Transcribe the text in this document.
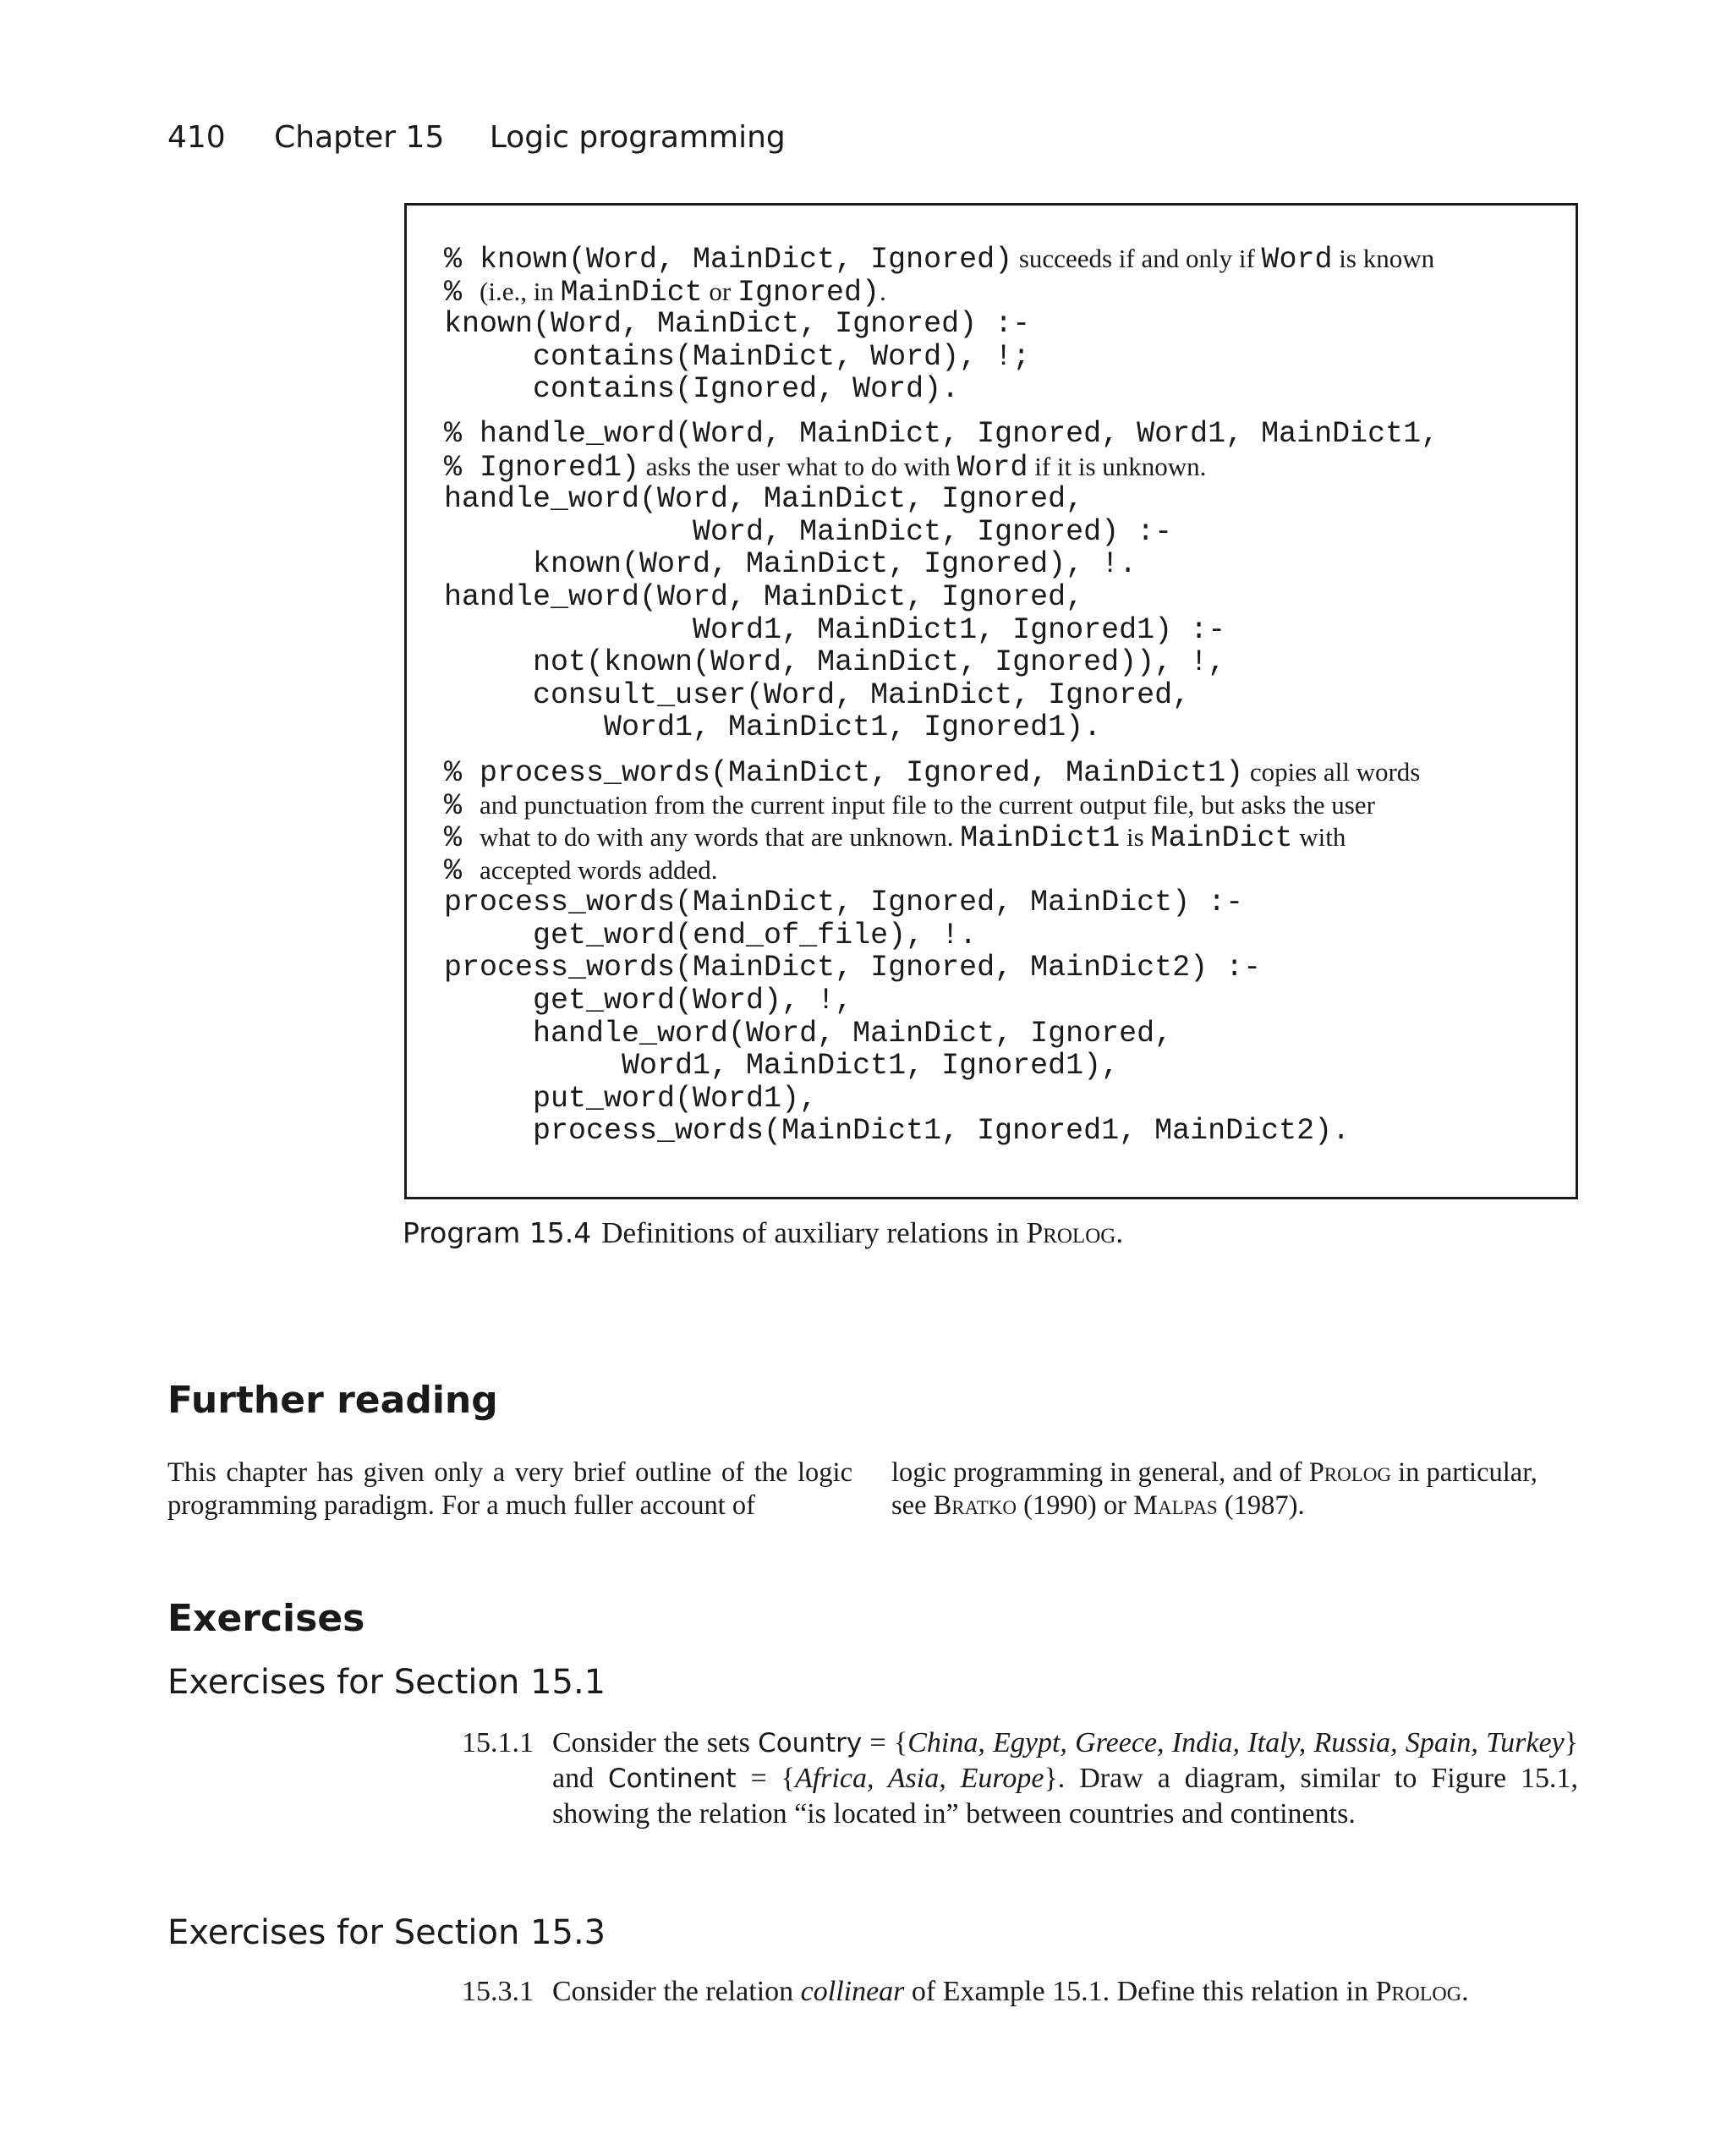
410 Chapter 15 Logic programming
% known(Word, MainDict, Ignored) succeeds if and only if Word is known
% (i.e., in MainDict or Ignored).
known(Word, MainDict, Ignored) :-
contains(MainDict, Word), !;
contains(Ignored, Word).
% handle_word(Word, MainDict, Ignored, Word1, MainDict1,
% Ignored1) asks the user what to do with Word if it is unknown.
handle_word(Word, MainDict, Ignored,
Word, MainDict, Ignored) :-
known(Word, MainDict, Ignored), !.
handle_word(Word, MainDict, Ignored,
Word1, MainDict1, Ignored1) :-
not(known(Word, MainDict, Ignored)), !,
consult_user(Word, MainDict, Ignored,
Word1, MainDict1, Ignored1).
% process_words(MainDict, Ignored, MainDict1) copies all words
% and punctuation from the current input file to the current output file, but asks the user
% what to do with any words that are unknown. MainDict1 is MainDict with
% accepted words added.
process_words(MainDict, Ignored, MainDict) :-
get_word(end_of_file), !.
process_words(MainDict, Ignored, MainDict2) :-
get_word(Word), !,
handle_word(Word, MainDict, Ignored,
Word1, MainDict1, Ignored1),
put_word(Word1),
process_words(MainDict1, Ignored1, MainDict2).
Program 15.4 Definitions of auxiliary relations in Prolog.
Further reading
This chapter has given only a very brief outline of the logic programming paradigm. For a much fuller account of
logic programming in general, and of Prolog in particular, see Bratko (1990) or Malpas (1987).
Exercises
Exercises for Section 15.1
15.1.1 Consider the sets Country = {China, Egypt, Greece, India, Italy, Russia, Spain, Turkey} and Continent = {Africa, Asia, Europe}. Draw a diagram, similar to Figure 15.1, showing the relation “is located in” between countries and continents.
Exercises for Section 15.3
15.3.1 Consider the relation collinear of Example 15.1. Define this relation in Prolog.
